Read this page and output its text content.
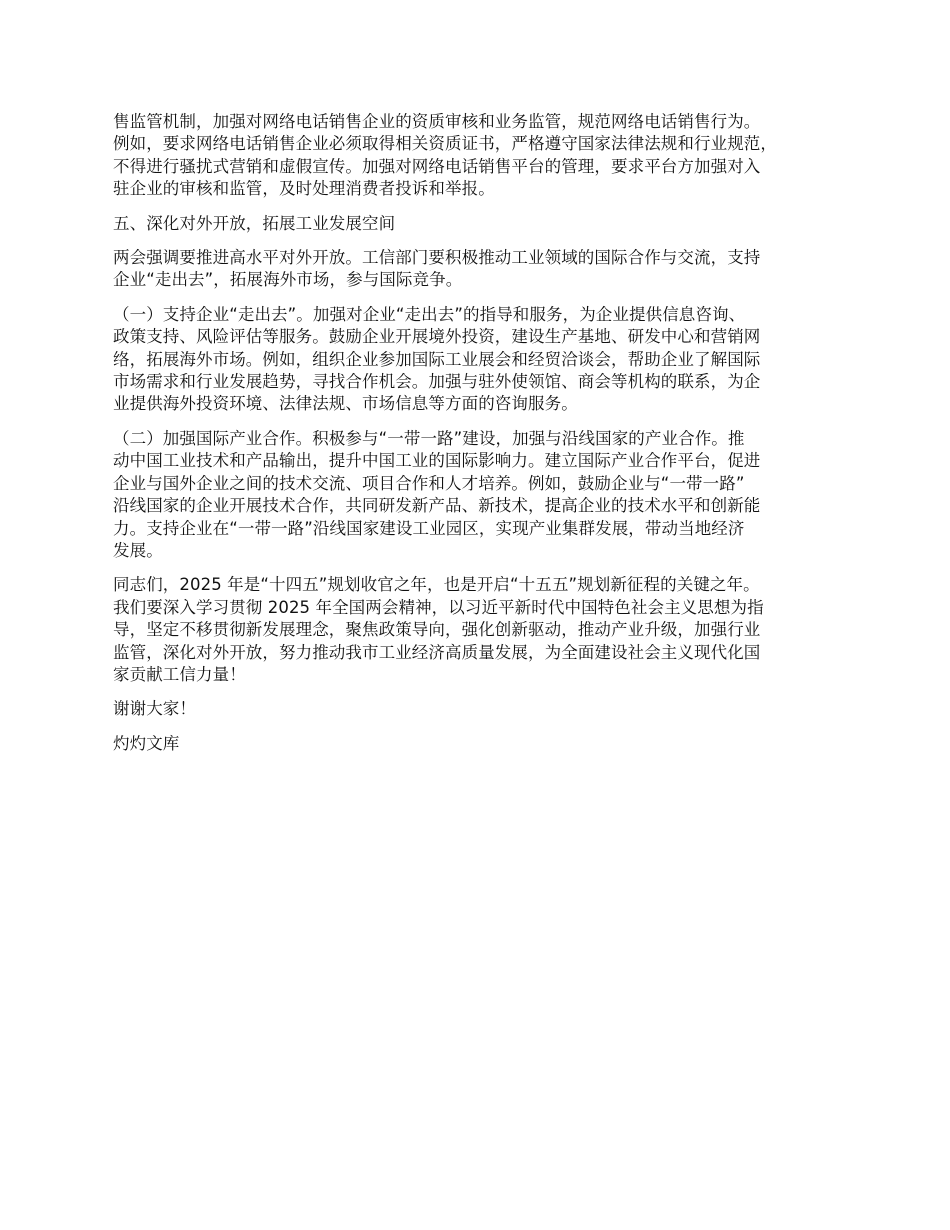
售监管机制，加强对网络电话销售企业的资质审核和业务监管，规范网络电话销售行为。
例如，要求网络电话销售企业必须取得相关资质证书，严格遵守国家法律法规和行业规范，
不得进行骚扰式营销和虚假宣传。加强对网络电话销售平台的管理，要求平台方加强对入
驻企业的审核和监管，及时处理消费者投诉和举报。
五、深化对外开放，拓展工业发展空间
两会强调要推进高水平对外开放。工信部门要积极推动工业领域的国际合作与交流，支持
企业“走出去”，拓展海外市场，参与国际竞争。
（一）支持企业“走出去”。加强对企业“走出去”的指导和服务，为企业提供信息咨询、
政策支持、风险评估等服务。鼓励企业开展境外投资，建设生产基地、研发中心和营销网
络，拓展海外市场。例如，组织企业参加国际工业展会和经贸洽谈会，帮助企业了解国际
市场需求和行业发展趋势，寻找合作机会。加强与驻外使领馆、商会等机构的联系，为企
业提供海外投资环境、法律法规、市场信息等方面的咨询服务。
（二）加强国际产业合作。积极参与“一带一路”建设，加强与沿线国家的产业合作。推
动中国工业技术和产品输出，提升中国工业的国际影响力。建立国际产业合作平台，促进
企业与国外企业之间的技术交流、项目合作和人才培养。例如，鼓励企业与“一带一路”
沿线国家的企业开展技术合作，共同研发新产品、新技术，提高企业的技术水平和创新能
力。支持企业在“一带一路”沿线国家建设工业园区，实现产业集群发展，带动当地经济
发展。
同志们，2025 年是“十四五”规划收官之年，也是开启“十五五”规划新征程的关键之年。
我们要深入学习贯彻 2025 年全国两会精神，以习近平新时代中国特色社会主义思想为指
导，坚定不移贯彻新发展理念，聚焦政策导向，强化创新驱动，推动产业升级，加强行业
监管，深化对外开放，努力推动我市工业经济高质量发展，为全面建设社会主义现代化国
家贡献工信力量！
谢谢大家！
灼灼文库
